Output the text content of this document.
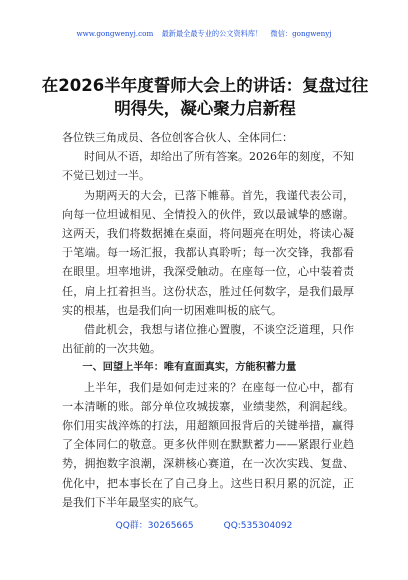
www.gongwenyj.com 最新最全最专业的公文资料库！ 微信：gongwenyj
在2026半年度誓师大会上的讲话：复盘过往明得失，凝心聚力启新程

各位铁三角成员、各位创客合伙人、全体同仁：

时间从不语，却给出了所有答案。2026年的刻度，不知不觉已划过一半。

为期两天的大会，已落下帷幕。首先，我谨代表公司，向每一位坦诚相见、全情投入的伙伴，致以最诚挚的感谢。这两天，我们将数据摊在桌面，将问题亮在明处，将读心凝于笔端。每一场汇报，我都认真聆听；每一次交锋，我都看在眼里。坦率地讲，我深受触动。在座每一位，心中装着责任，肩上扛着担当。这份状态，胜过任何数字，是我们最厚实的根基，也是我们向一切困难叫板的底气。

借此机会，我想与诸位推心置腹，不谈空泛道理，只作出征前的一次共勉。

一、回望上半年：唯有直面真实，方能积蓄力量

上半年，我们是如何走过来的？在座每一位心中，都有一本清晰的账。部分单位攻城拔寨，业绩斐然，利润起线。你们用实战淬炼的打法，用超额回报背后的关键举措，赢得了全体同仁的敬意。更多伙伴则在默默蓄力——紧跟行业趋势，拥抱数字浪潮，深耕核心赛道，在一次次实践、复盘、优化中，把本事长在了自己身上。这些日积月累的沉淀，正是我们下半年最坚实的底气。

QQ群：30265665	QQ:535304092
